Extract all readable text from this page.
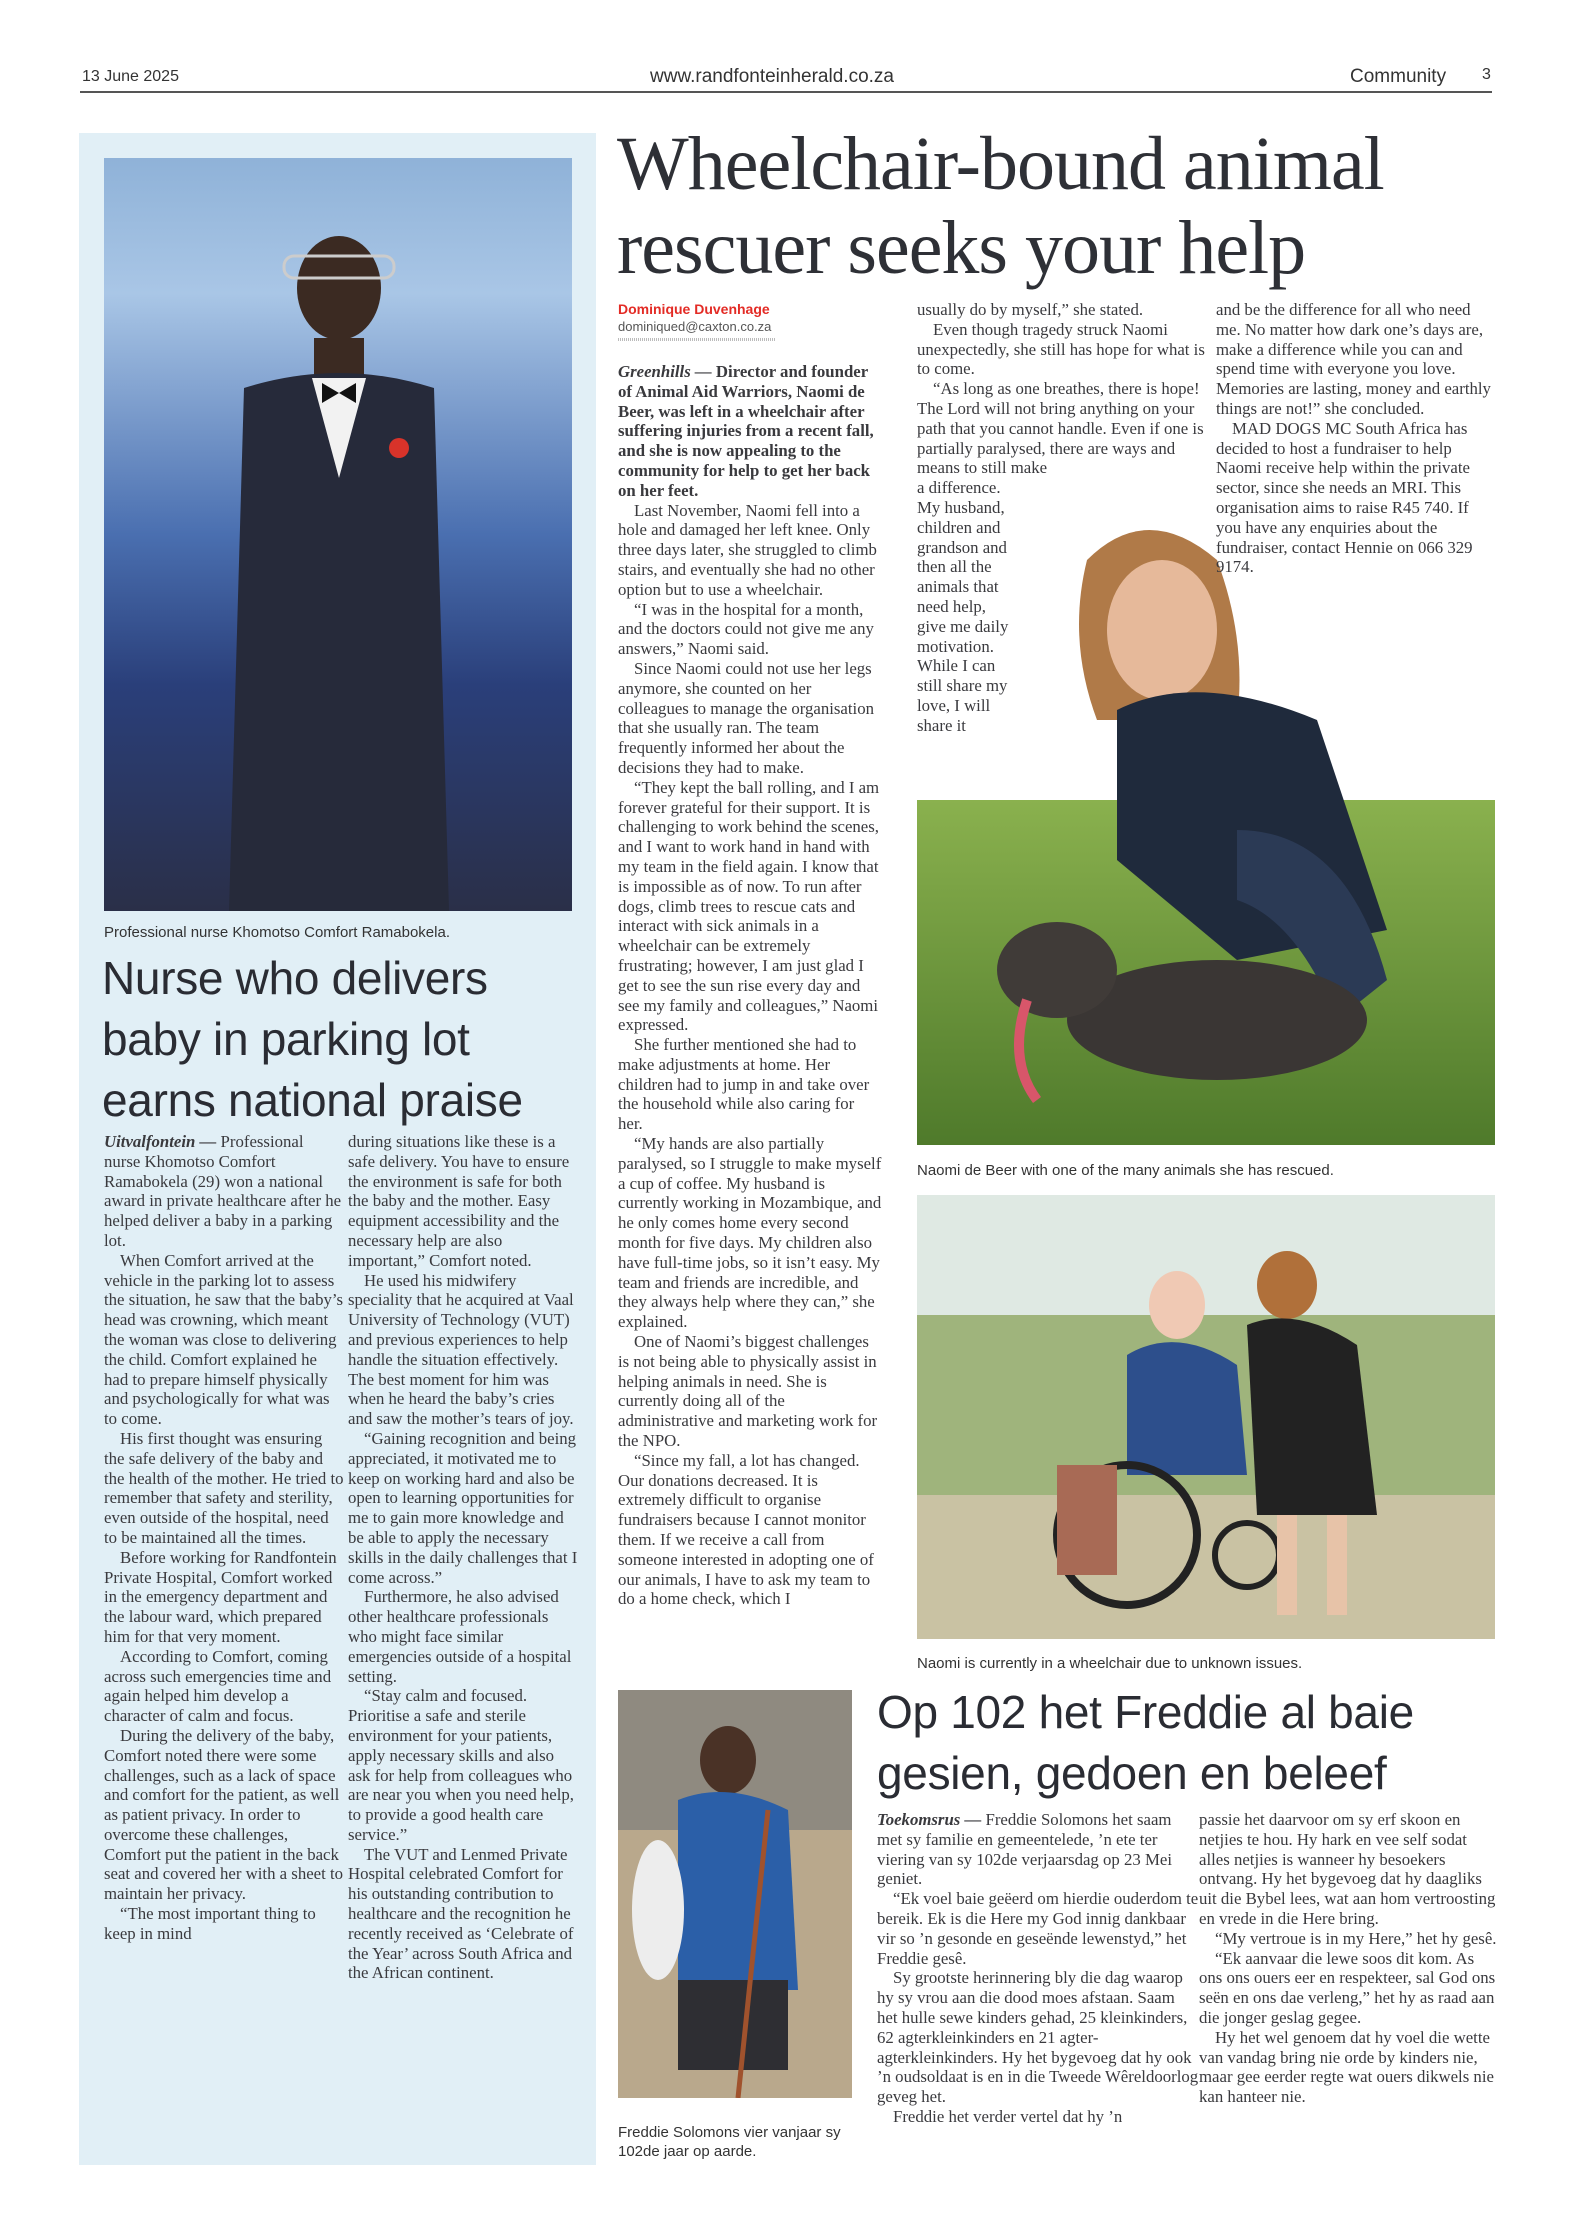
13 June 2025	www.randfonteinherald.co.za	Community 3
Professional nurse Khomotso Comfort Ramabokela.
Nurse who delivers baby in parking lot earns national praise

Uitvalfontein — Professional nurse Khomotso Comfort Ramabokela (29) won a national award in private healthcare after he helped deliver a baby in a parking lot.

When Comfort arrived at the vehicle in the parking lot to assess the situation, he saw that the baby’s head was crowning, which meant the woman was close to delivering the child. Comfort explained he had to prepare himself physically and psychologically for what was to come.

His first thought was ensuring the safe delivery of the baby and the health of the mother. He tried to remember that safety and sterility, even outside of the hospital, need to be maintained all the times.

Before working for Randfontein Private Hospital, Comfort worked in the emergency department and the labour ward, which prepared him for that very moment.

According to Comfort, coming across such emergencies time and again helped him develop a character of calm and focus.

During the delivery of the baby, Comfort noted there were some challenges, such as a lack of space and comfort for the patient, as well as patient privacy. In order to overcome these challenges, Comfort put the patient in the back seat and covered her with a sheet to maintain her privacy.

“The most important thing to keep in mind

during situations like these is a safe delivery. You have to ensure the environment is safe for both the baby and the mother. Easy equipment accessibility and the necessary help are also important,” Comfort noted.

He used his midwifery speciality that he acquired at Vaal University of Technology (VUT) and previous experiences to help handle the situation effectively. The best moment for him was when he heard the baby’s cries and saw the mother’s tears of joy.

“Gaining recognition and being appreciated, it motivated me to keep on working hard and also be open to learning opportunities for me to gain more knowledge and be able to apply the necessary skills in the daily challenges that I come across.”

Furthermore, he also advised other healthcare professionals who might face similar emergencies outside of a hospital setting.

“Stay calm and focused. Prioritise a safe and sterile environment for your patients, apply necessary skills and also ask for help from colleagues who are near you when you need help, to provide a good health care service.”

The VUT and Lenmed Private Hospital celebrated Comfort for his outstanding contribution to healthcare and the recognition he recently received as ‘Celebrate of the Year’ across South Africa and the African continent.

Wheelchair-bound animal rescuer seeks your help
Dominique Duvenhage
dominiqued@caxton.co.za

Greenhills — Director and founder of Animal Aid Warriors, Naomi de Beer, was left in a wheelchair after suffering injuries from a recent fall, and she is now appealing to the community for help to get her back on her feet.

Last November, Naomi fell into a hole and damaged her left knee. Only three days later, she struggled to climb stairs, and eventually she had no other option but to use a wheelchair.

“I was in the hospital for a month, and the doctors could not give me any answers,” Naomi said.

Since Naomi could not use her legs anymore, she counted on her colleagues to manage the organisation that she usually ran. The team frequently informed her about the decisions they had to make.

“They kept the ball rolling, and I am forever grateful for their support. It is challenging to work behind the scenes, and I want to work hand in hand with my team in the field again. I know that is impossible as of now. To run after dogs, climb trees to rescue cats and interact with sick animals in a wheelchair can be extremely frustrating; however, I am just glad I get to see the sun rise every day and see my family and colleagues,” Naomi expressed.

She further mentioned she had to make adjustments at home. Her children had to jump in and take over the household while also caring for her.

“My hands are also partially paralysed, so I struggle to make myself a cup of coffee. My husband is currently working in Mozambique, and he only comes home every second month for five days. My children also have full-time jobs, so it isn’t easy. My team and friends are incredible, and they always help where they can,” she explained.

One of Naomi’s biggest challenges is not being able to physically assist in helping animals in need. She is currently doing all of the administrative and marketing work for the NPO.

“Since my fall, a lot has changed. Our donations decreased. It is extremely difficult to organise fundraisers because I cannot monitor them. If we receive a call from someone interested in adopting one of our animals, I have to ask my team to do a home check, which I

usually do by myself,” she stated.

Even though tragedy struck Naomi unexpectedly, she still has hope for what is to come.

“As long as one breathes, there is hope! The Lord will not bring anything on your path that you cannot handle. Even if one is partially paralysed, there are ways and means to still make

a difference. My husband, children and grandson and then all the animals that need help, give me daily motivation. While I can still share my love, I will share it

and be the difference for all who need me. No matter how dark one’s days are, make a difference while you can and spend time with everyone you love. Memories are lasting, money and earthly things are not!” she concluded.

MAD DOGS MC South Africa has decided to host a fundraiser to help Naomi receive help within the private sector, since she needs an MRI. This organisation aims to raise R45 740. If you have any enquiries about the fundraiser, contact Hennie on 066 329 9174.

Naomi de Beer with one of the many animals she has rescued.
Naomi is currently in a wheelchair due to unknown issues.
Freddie Solomons vier vanjaar sy 102de jaar op aarde.
Op 102 het Freddie al baie gesien, gedoen en beleef

Toekomsrus — Freddie Solomons het saam met sy familie en gemeentelede, ’n ete ter viering van sy 102de verjaarsdag op 23 Mei geniet.

“Ek voel baie geëerd om hierdie ouderdom te bereik. Ek is die Here my God innig dankbaar vir so ’n gesonde en geseënde lewenstyd,” het Freddie gesê.

Sy grootste herinnering bly die dag waarop hy sy vrou aan die dood moes afstaan. Saam het hulle sewe kinders gehad, 25 kleinkinders, 62 agterkleinkinders en 21 agter-agterkleinkinders. Hy het bygevoeg dat hy ook ’n oudsoldaat is en in die Tweede Wêreldoorlog geveg het.

Freddie het verder vertel dat hy ’n

passie het daarvoor om sy erf skoon en netjies te hou. Hy hark en vee self sodat alles netjies is wanneer hy besoekers ontvang. Hy het bygevoeg dat hy daagliks uit die Bybel lees, wat aan hom vertroosting en vrede in die Here bring.

“My vertroue is in my Here,” het hy gesê.

“Ek aanvaar die lewe soos dit kom. As ons ons ouers eer en respekteer, sal God ons seën en ons dae verleng,” het hy as raad aan die jonger geslag gegee.

Hy het wel genoem dat hy voel die wette van vandag bring nie orde by kinders nie, maar gee eerder regte wat ouers dikwels nie kan hanteer nie.
